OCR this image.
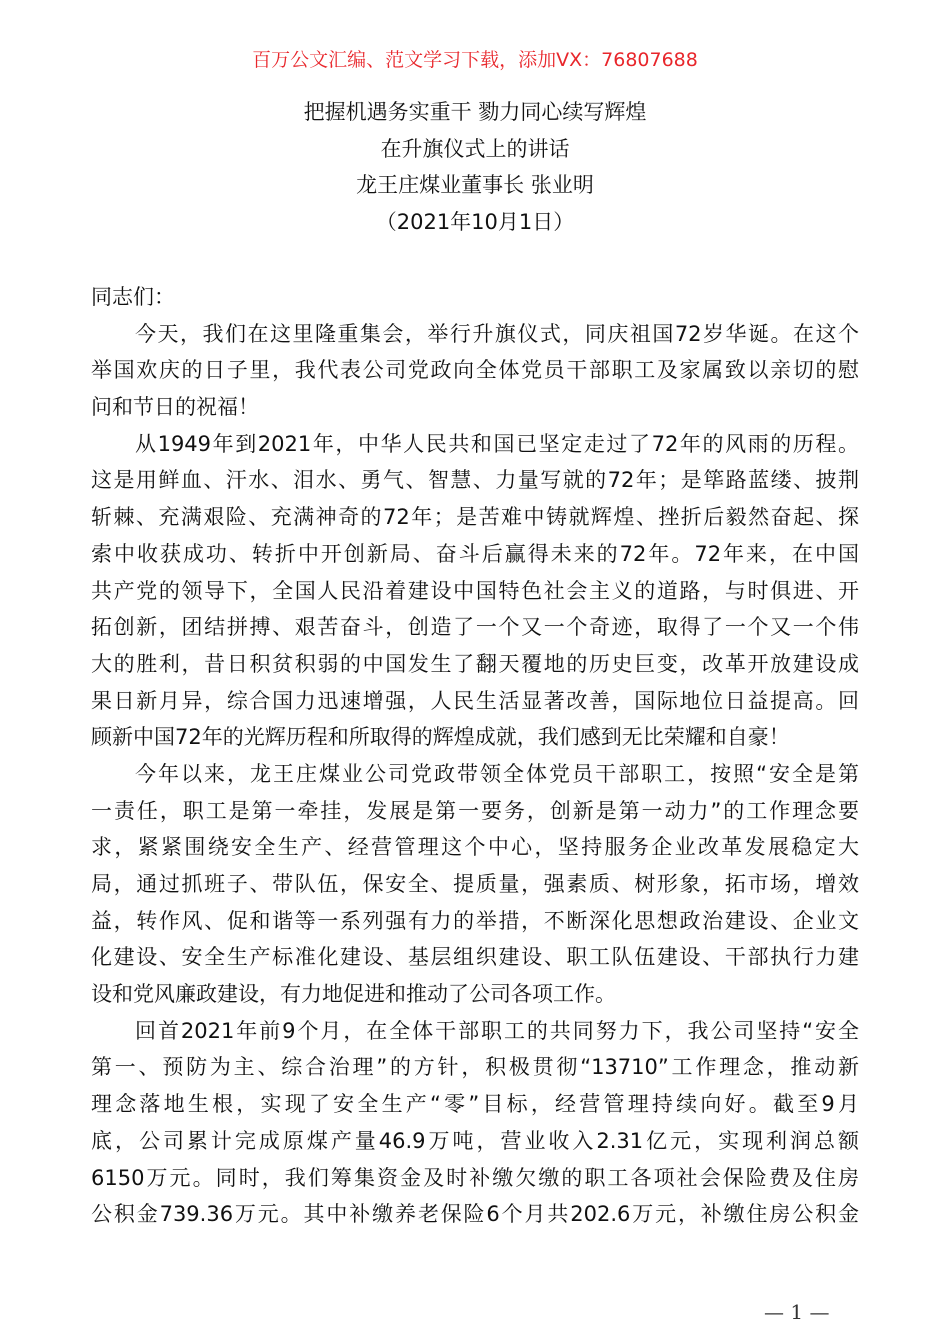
百万公文汇编、范文学习下载，添加VX：76807688
把握机遇务实重干 勠力同心续写辉煌
在升旗仪式上的讲话
龙王庄煤业董事长 张业明
（2021年10月1日）
同志们：
今天，我们在这里隆重集会，举行升旗仪式，同庆祖国72岁华诞。在这个
举国欢庆的日子里，我代表公司党政向全体党员干部职工及家属致以亲切的慰
问和节日的祝福！
从1949年到2021年，中华人民共和国已坚定走过了72年的风雨的历程。
这是用鲜血、汗水、泪水、勇气、智慧、力量写就的72年；是筚路蓝缕、披荆
斩棘、充满艰险、充满神奇的72年；是苦难中铸就辉煌、挫折后毅然奋起、探
索中收获成功、转折中开创新局、奋斗后赢得未来的72年。72年来，在中国
共产党的领导下，全国人民沿着建设中国特色社会主义的道路，与时俱进、开
拓创新，团结拼搏、艰苦奋斗，创造了一个又一个奇迹，取得了一个又一个伟
大的胜利，昔日积贫积弱的中国发生了翻天覆地的历史巨变，改革开放建设成
果日新月异，综合国力迅速增强，人民生活显著改善，国际地位日益提高。回
顾新中国72年的光辉历程和所取得的辉煌成就，我们感到无比荣耀和自豪！
今年以来，龙王庄煤业公司党政带领全体党员干部职工，按照“安全是第
一责任，职工是第一牵挂，发展是第一要务，创新是第一动力”的工作理念要
求，紧紧围绕安全生产、经营管理这个中心，坚持服务企业改革发展稳定大
局，通过抓班子、带队伍，保安全、提质量，强素质、树形象，拓市场，增效
益，转作风、促和谐等一系列强有力的举措，不断深化思想政治建设、企业文
化建设、安全生产标准化建设、基层组织建设、职工队伍建设、干部执行力建
设和党风廉政建设，有力地促进和推动了公司各项工作。
回首2021年前9个月，在全体干部职工的共同努力下，我公司坚持“安全
第一、预防为主、综合治理”的方针，积极贯彻“13710”工作理念，推动新
理念落地生根，实现了安全生产“零”目标，经营管理持续向好。截至9月
底，公司累计完成原煤产量46.9万吨，营业收入2.31亿元，实现利润总额
6150万元。同时，我们筹集资金及时补缴欠缴的职工各项社会保险费及住房
公积金739.36万元。其中补缴养老保险6个月共202.6万元，补缴住房公积金
— 1 —
